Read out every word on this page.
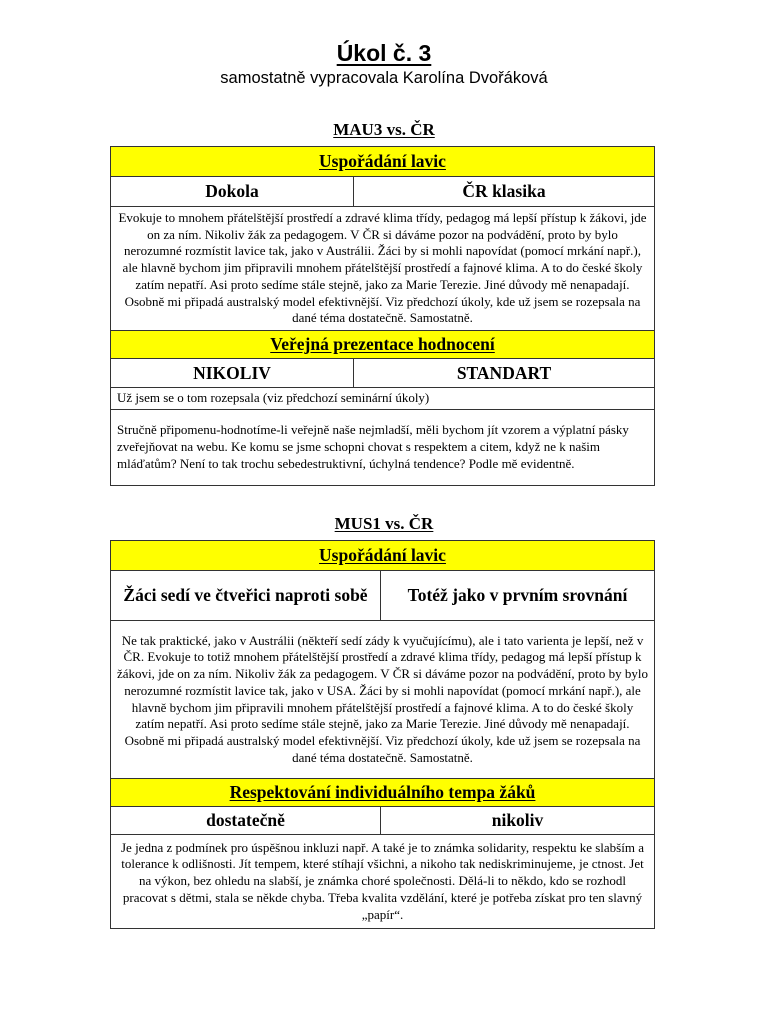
Úkol č. 3
samostatně vypracovala Karolína Dvořáková
MAU3 vs. ČR
Uspořádání lavic	
Dokola	ČR klasika
Evokuje to mnohem přátelštější prostředí a zdravé klima třídy, pedagog má lepší přístup k žákovi, jde on za ním. Nikoliv žák za pedagogem. V ČR si dáváme pozor na podvádění, proto by bylo nerozumné rozmístit lavice tak, jako v Austrálii. Žáci by si mohli napovídat (pomocí mrkání např.), ale hlavně bychom jim připravili mnohem přátelštější prostředí a fajnové klima. A to do české školy zatím nepatří. Asi proto sedíme stále stejně, jako za Marie Terezie. Jiné důvody mě nenapadají. Osobně mi připadá australský model efektivnější. Viz předchozí úkoly, kde už jsem se rozepsala na dané téma dostatečně. Samostatně.	
Veřejná prezentace hodnocení	
NIKOLIV	STANDART
Už jsem se o tom rozepsala (viz předchozí seminární úkoly)	
Stručně připomenu-hodnotíme-li veřejně naše nejmladší, měli bychom jít vzorem a výplatní pásky zveřejňovat na webu. Ke komu se jsme schopni chovat s respektem a citem, když ne k našim mláďatům? Není to tak trochu sebedestruktivní, úchylná tendence? Podle mě evidentně.	
MUS1 vs. ČR
Uspořádání lavic	
Žáci sedí ve čtveřici naproti sobě	Totéž jako v prvním srovnání
Ne tak praktické, jako v Austrálii (někteří sedí zády k vyučujícímu), ale i tato varienta je lepší, než v ČR. Evokuje to totiž mnohem přátelštější prostředí a zdravé klima třídy, pedagog má lepší přístup k žákovi, jde on za ním. Nikoliv žák za pedagogem. V ČR si dáváme pozor na podvádění, proto by bylo nerozumné rozmístit lavice tak, jako v USA. Žáci by si mohli napovídat (pomocí mrkání např.), ale hlavně bychom jim připravili mnohem přátelštější prostředí a fajnové klima. A to do české školy zatím nepatří. Asi proto sedíme stále stejně, jako za Marie Terezie. Jiné důvody mě nenapadají. Osobně mi připadá australský model efektivnější. Viz předchozí úkoly, kde už jsem se rozepsala na dané téma dostatečně. Samostatně.	
Respektování individuálního tempa žáků	
dostatečně	nikoliv
Je jedna z podmínek pro úspěšnou inkluzi např. A také je to známka solidarity, respektu ke slabším a tolerance k odlišnosti. Jít tempem, které stíhají všichni, a nikoho tak nediskriminujeme, je ctnost. Jet na výkon, bez ohledu na slabší, je známka choré společnosti. Dělá-li to někdo, kdo se rozhodl pracovat s dětmi, stala se někde chyba. Třeba kvalita vzdělání, které je potřeba získat pro ten slavný „papír“.	
